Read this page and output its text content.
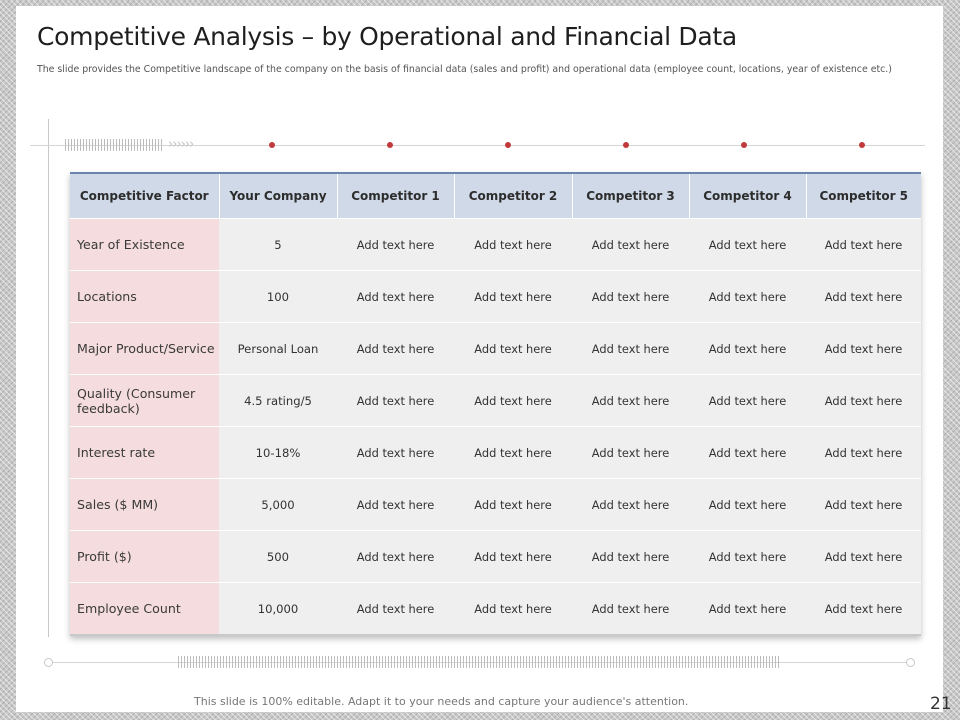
Competitive Analysis – by Operational and Financial Data

The slide provides the Competitive landscape of the company on the basis of financial data (sales and profit) and operational data (employee count, locations, year of existence etc.)

››››››
Competitive Factor	Your Company	Competitor 1	Competitor 2	Competitor 3	Competitor 4	Competitor 5
Year of Existence	5	Add text here	Add text here	Add text here	Add text here	Add text here
Locations	100	Add text here	Add text here	Add text here	Add text here	Add text here
Major Product/Service	Personal Loan	Add text here	Add text here	Add text here	Add text here	Add text here
Quality (Consumer feedback)	4.5 rating/5	Add text here	Add text here	Add text here	Add text here	Add text here
Interest rate	10-18%	Add text here	Add text here	Add text here	Add text here	Add text here
Sales ($ MM)	5,000	Add text here	Add text here	Add text here	Add text here	Add text here
Profit ($)	500	Add text here	Add text here	Add text here	Add text here	Add text here
Employee Count	10,000	Add text here	Add text here	Add text here	Add text here	Add text here

This slide is 100% editable. Adapt it to your needs and capture your audience's attention.	21
